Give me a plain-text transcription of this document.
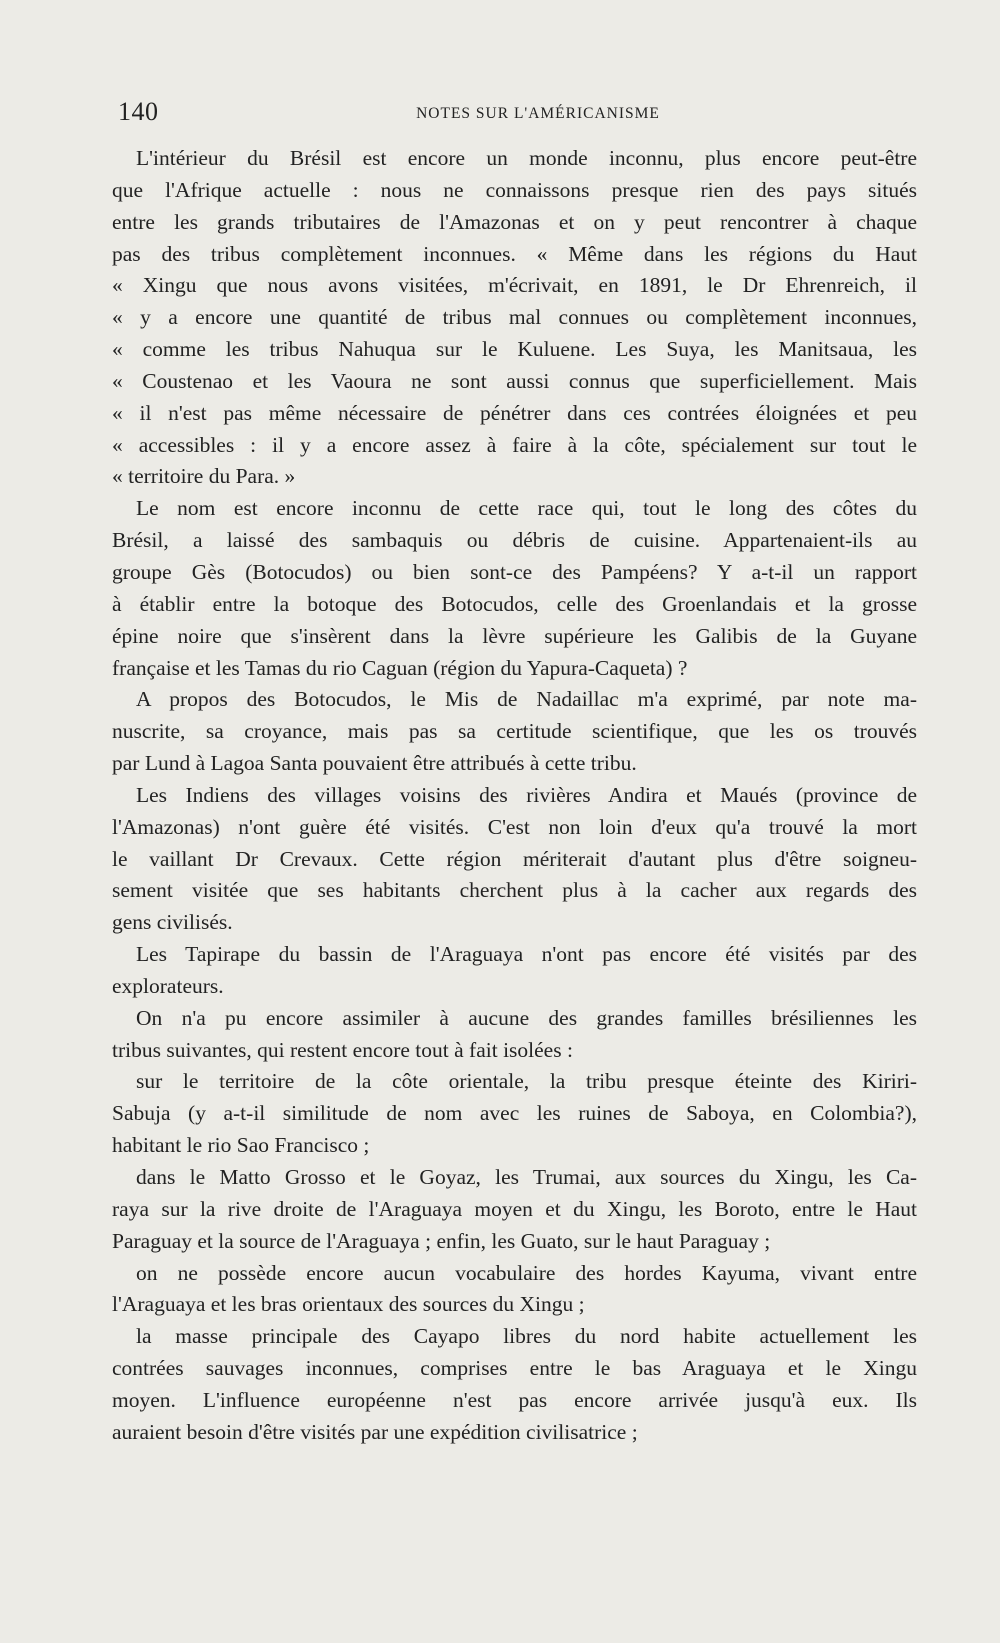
140	NOTES SUR L'AMÉRICANISME
L'intérieur du Brésil est encore un monde inconnu, plus encore peut-être
que l'Afrique actuelle : nous ne connaissons presque rien des pays situés
entre les grands tributaires de l'Amazonas et on y peut rencontrer à chaque
pas des tribus complètement inconnues. « Même dans les régions du Haut
« Xingu que nous avons visitées, m'écrivait, en 1891, le Dr Ehrenreich, il
« y a encore une quantité de tribus mal connues ou complètement inconnues,
« comme les tribus Nahuqua sur le Kuluene. Les Suya, les Manitsaua, les
« Coustenao et les Vaoura ne sont aussi connus que superficiellement. Mais
« il n'est pas même nécessaire de pénétrer dans ces contrées éloignées et peu
« accessibles : il y a encore assez à faire à la côte, spécialement sur tout le
« territoire du Para. »
Le nom est encore inconnu de cette race qui, tout le long des côtes du
Brésil, a laissé des sambaquis ou débris de cuisine. Appartenaient-ils au
groupe Gès (Botocudos) ou bien sont-ce des Pampéens? Y a-t-il un rapport
à établir entre la botoque des Botocudos, celle des Groenlandais et la grosse
épine noire que s'insèrent dans la lèvre supérieure les Galibis de la Guyane
française et les Tamas du rio Caguan (région du Yapura-Caqueta) ?
A propos des Botocudos, le Mis de Nadaillac m'a exprimé, par note ma-
nuscrite, sa croyance, mais pas sa certitude scientifique, que les os trouvés
par Lund à Lagoa Santa pouvaient être attribués à cette tribu.
Les Indiens des villages voisins des rivières Andira et Maués (province de
l'Amazonas) n'ont guère été visités. C'est non loin d'eux qu'a trouvé la mort
le vaillant Dr Crevaux. Cette région mériterait d'autant plus d'être soigneu-
sement visitée que ses habitants cherchent plus à la cacher aux regards des
gens civilisés.
Les Tapirape du bassin de l'Araguaya n'ont pas encore été visités par des
explorateurs.
On n'a pu encore assimiler à aucune des grandes familles brésiliennes les
tribus suivantes, qui restent encore tout à fait isolées :
sur le territoire de la côte orientale, la tribu presque éteinte des Kiriri-
Sabuja (y a-t-il similitude de nom avec les ruines de Saboya, en Colombia?),
habitant le rio Sao Francisco ;
dans le Matto Grosso et le Goyaz, les Trumai, aux sources du Xingu, les Ca-
raya sur la rive droite de l'Araguaya moyen et du Xingu, les Boroto, entre le Haut
Paraguay et la source de l'Araguaya ; enfin, les Guato, sur le haut Paraguay ;
on ne possède encore aucun vocabulaire des hordes Kayuma, vivant entre
l'Araguaya et les bras orientaux des sources du Xingu ;
la masse principale des Cayapo libres du nord habite actuellement les
contrées sauvages inconnues, comprises entre le bas Araguaya et le Xingu
moyen. L'influence européenne n'est pas encore arrivée jusqu'à eux. Ils
auraient besoin d'être visités par une expédition civilisatrice ;
